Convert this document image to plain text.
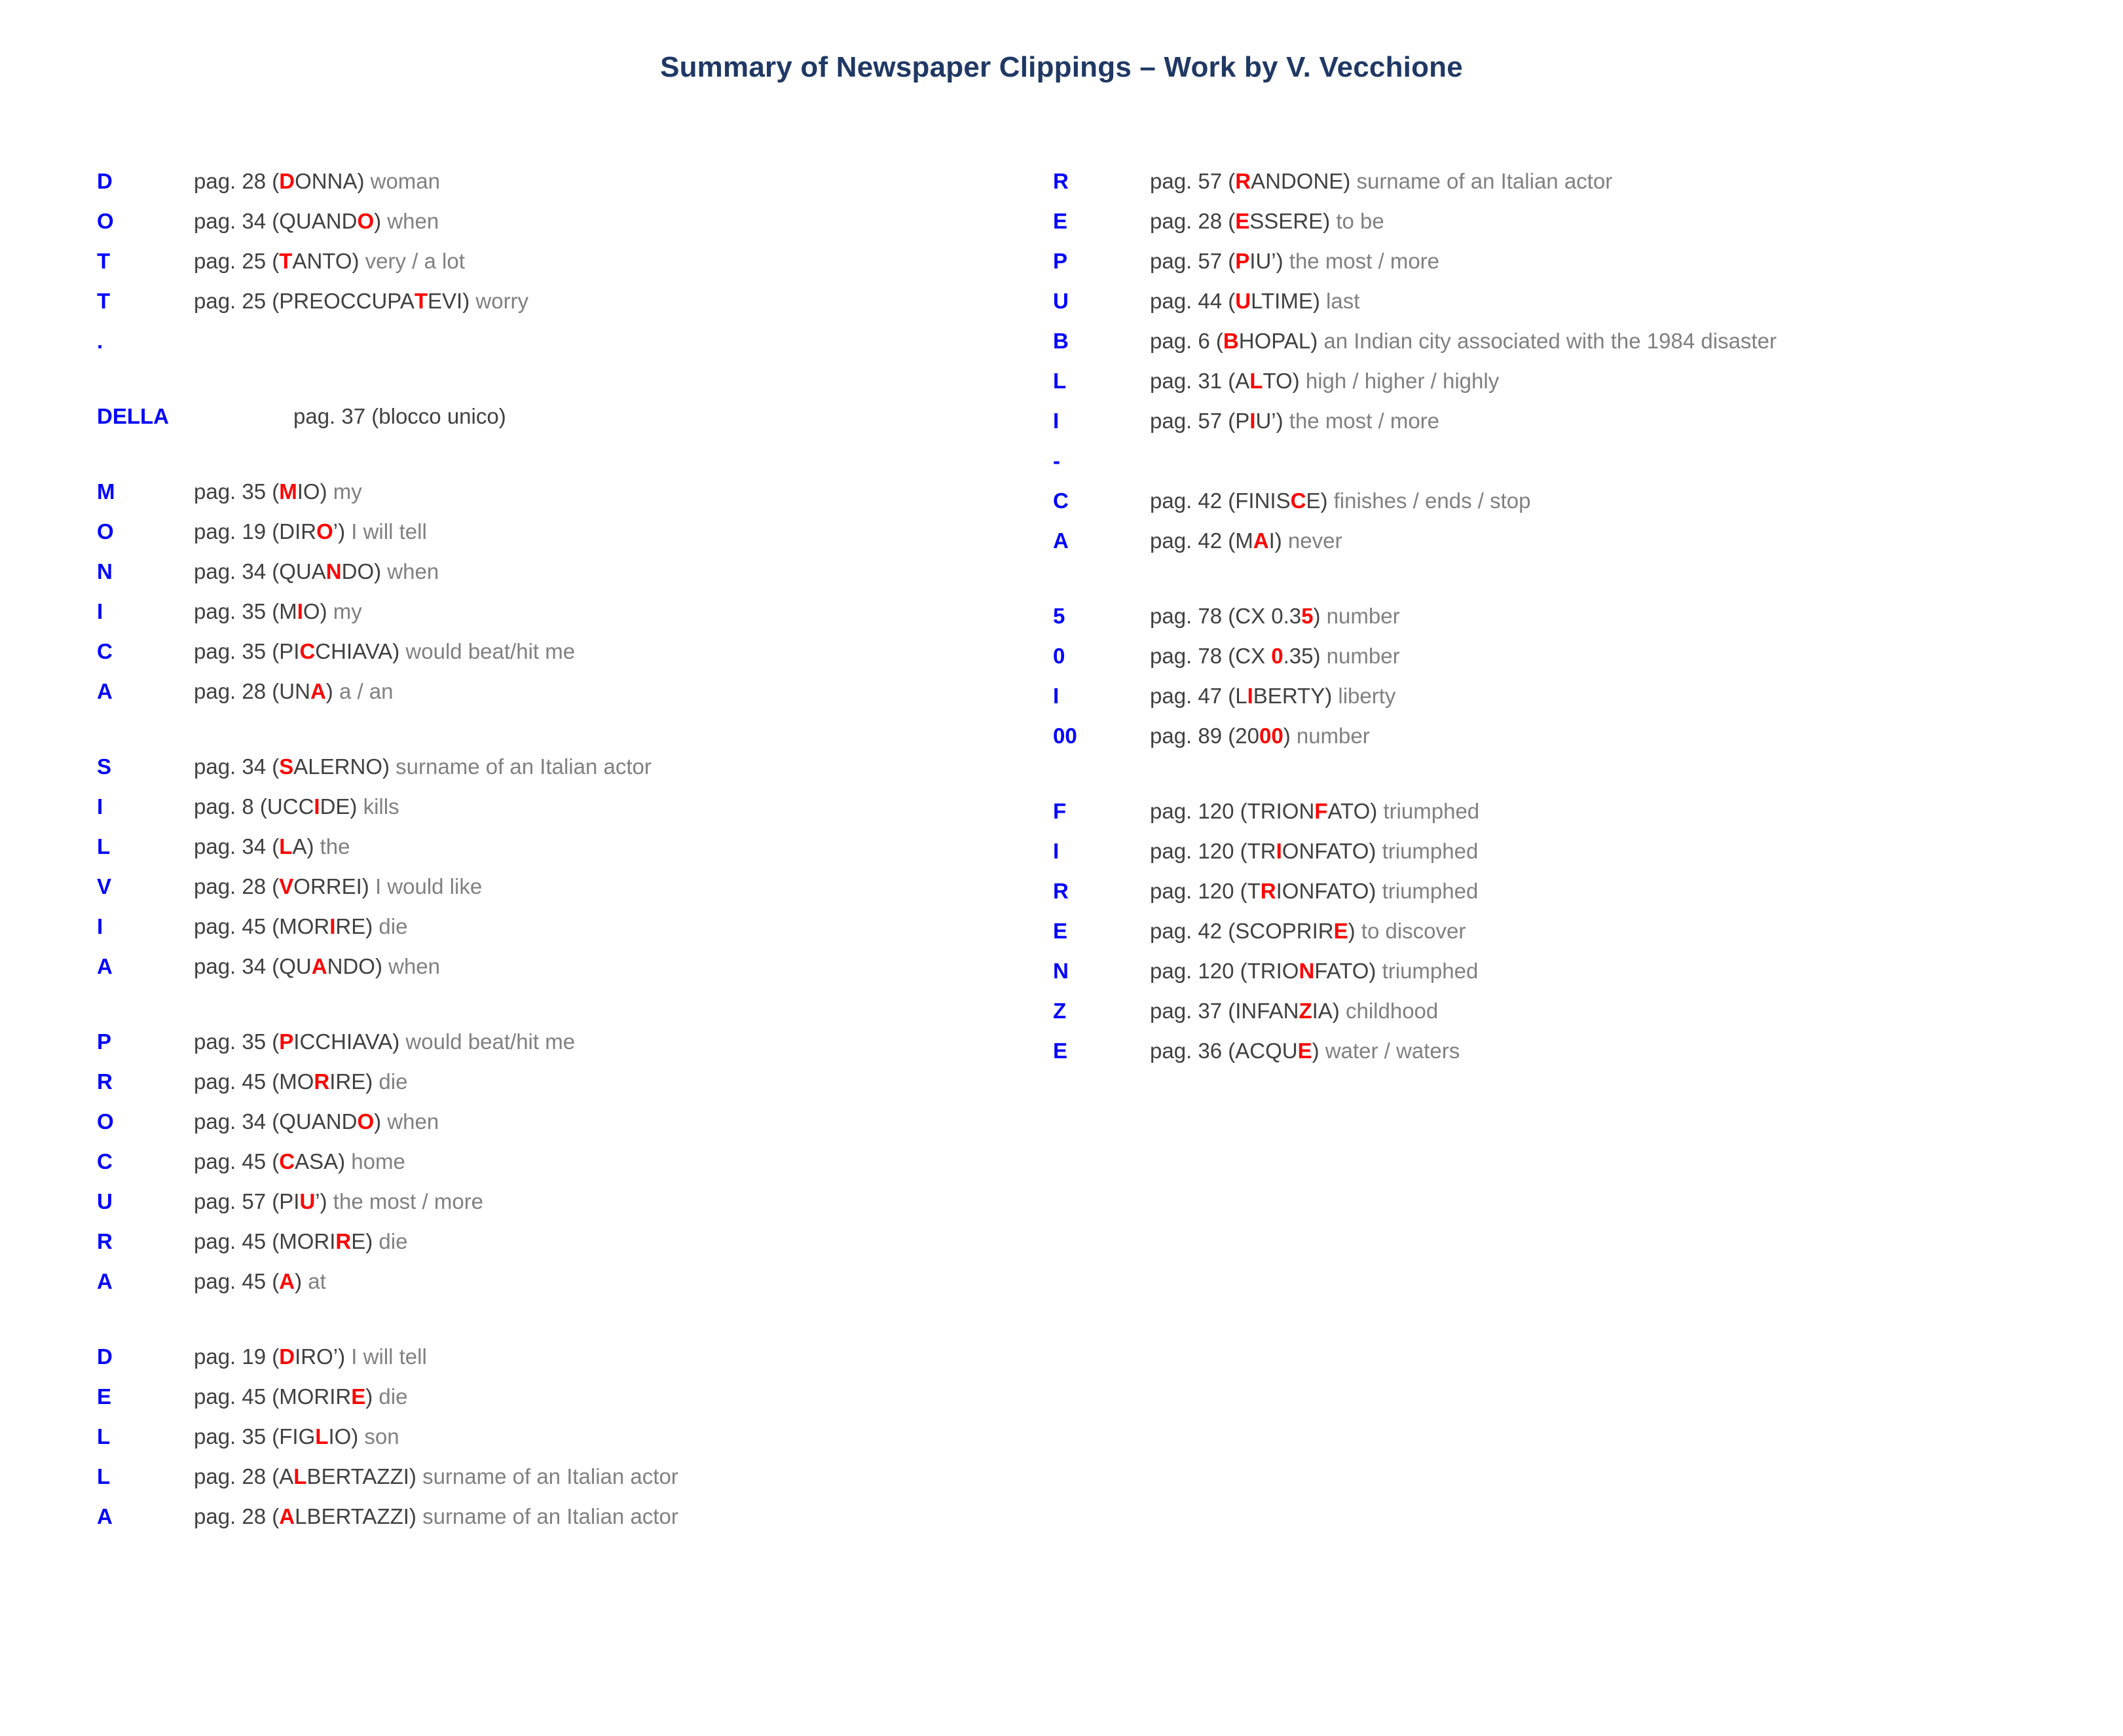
Summary of Newspaper Clippings – Work by V. Vecchione
D	pag. 28 (DONNA) woman
O	pag. 34 (QUANDO) when
T	pag. 25 (TANTO) very / a lot
T	pag. 25 (PREOCCUPATEVI) worry
.
DELLA	pag. 37 (blocco unico)
M	pag. 35 (MIO) my
O	pag. 19 (DIRO’) I will tell
N	pag. 34 (QUANDO) when
I	pag. 35 (MIO) my
C	pag. 35 (PICCHIAVA) would beat/hit me
A	pag. 28 (UNA) a / an
S	pag. 34 (SALERNO) surname of an Italian actor
I	pag. 8 (UCCIDE) kills
L	pag. 34 (LA) the
V	pag. 28 (VORREI) I would like
I	pag. 45 (MORIRE) die
A	pag. 34 (QUANDO) when
P	pag. 35 (PICCHIAVA) would beat/hit me
R	pag. 45 (MORIRE) die
O	pag. 34 (QUANDO) when
C	pag. 45 (CASA) home
U	pag. 57 (PIU’) the most / more
R	pag. 45 (MORIRE) die
A	pag. 45 (A) at
D	pag. 19 (DIRO’) I will tell
E	pag. 45 (MORIRE) die
L	pag. 35 (FIGLIO) son
L	pag. 28 (ALBERTAZZI) surname of an Italian actor
A	pag. 28 (ALBERTAZZI) surname of an Italian actor
R	pag. 57 (RANDONE) surname of an Italian actor
E	pag. 28 (ESSERE) to be
P	pag. 57 (PIU’) the most / more
U	pag. 44 (ULTIME) last
B	pag. 6 (BHOPAL) an Indian city associated with the 1984 disaster
L	pag. 31 (ALTO) high / higher / highly
I	pag. 57 (PIU’) the most / more
-
C	pag. 42 (FINISCE) finishes / ends / stop
A	pag. 42 (MAI) never
5	pag. 78 (CX 0.35) number
0	pag. 78 (CX 0.35) number
I	pag. 47 (LIBERTY) liberty
00	pag. 89 (2000) number
F	pag. 120 (TRIONFATO) triumphed
I	pag. 120 (TRIONFATO) triumphed
R	pag. 120 (TRIONFATO) triumphed
E	pag. 42 (SCOPRIRE) to discover
N	pag. 120 (TRIONFATO) triumphed
Z	pag. 37 (INFANZIA) childhood
E	pag. 36 (ACQUE) water / waters
